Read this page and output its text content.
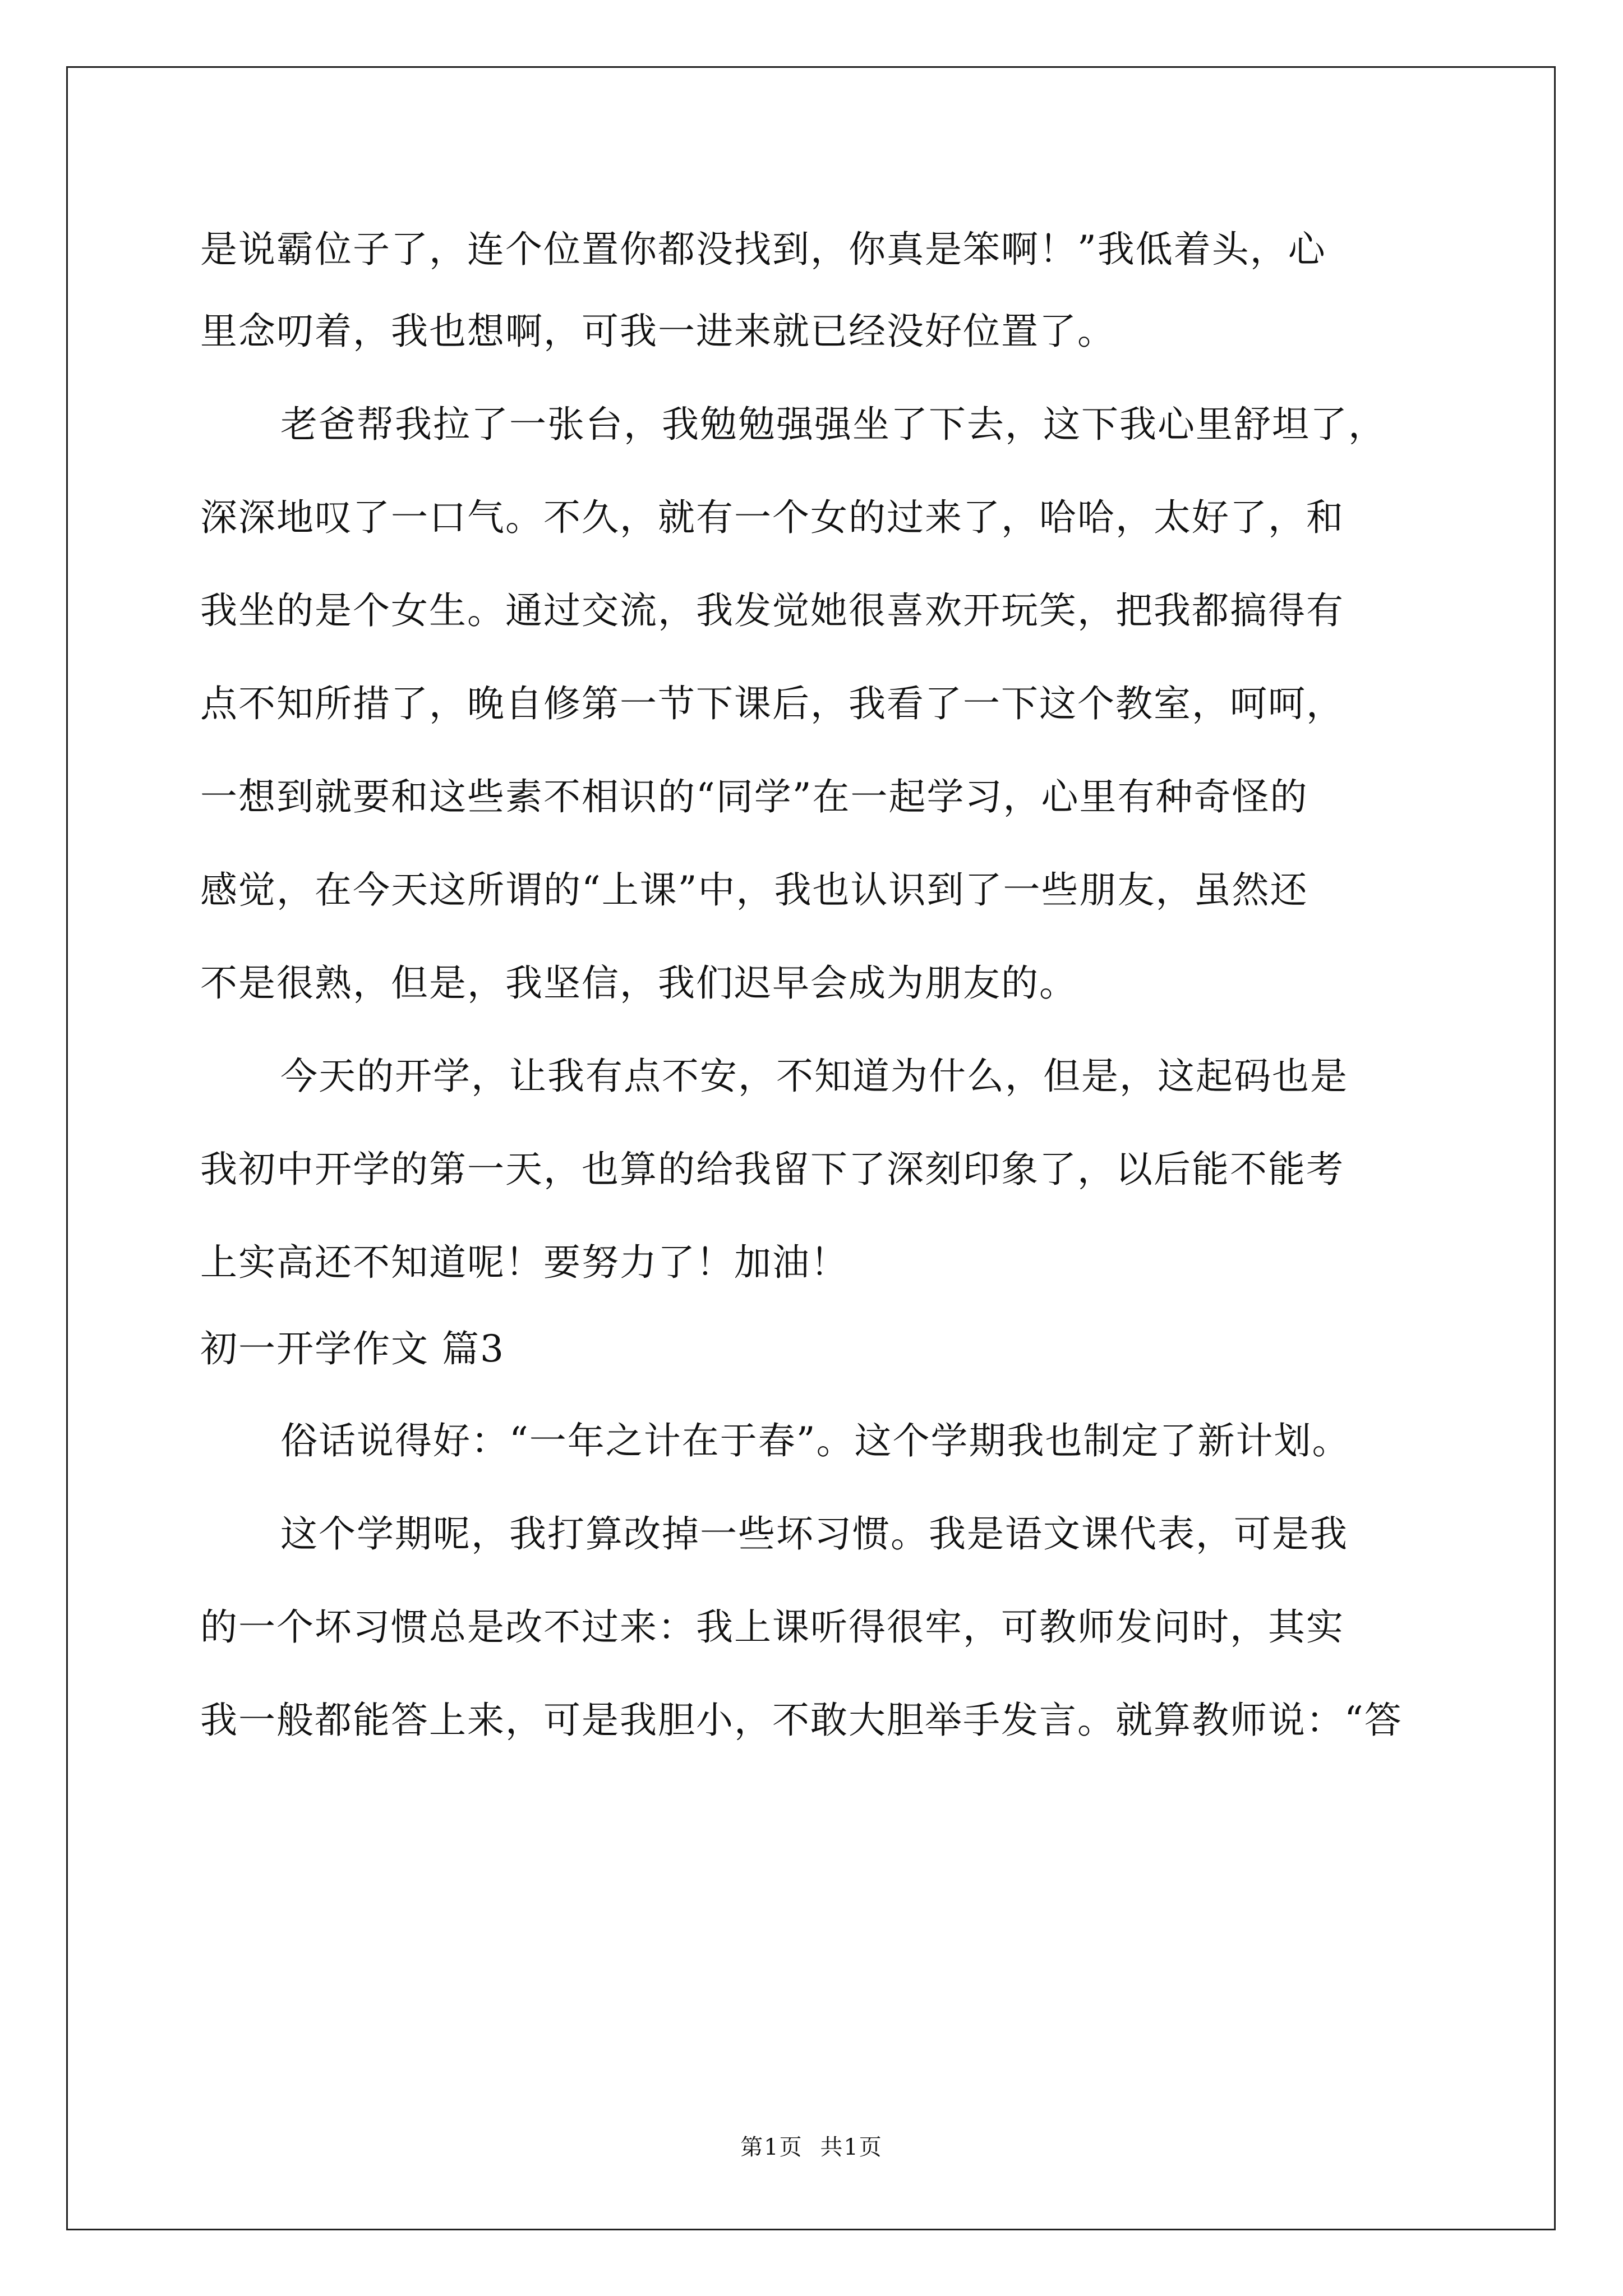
是说霸位子了，连个位置你都没找到，你真是笨啊！”我低着头，心
里念叨着，我也想啊，可我一进来就已经没好位置了。
老爸帮我拉了一张台，我勉勉强强坐了下去，这下我心里舒坦了，
深深地叹了一口气。不久，就有一个女的过来了，哈哈，太好了，和
我坐的是个女生。通过交流，我发觉她很喜欢开玩笑，把我都搞得有
点不知所措了，晚自修第一节下课后，我看了一下这个教室，呵呵，
一想到就要和这些素不相识的“同学”在一起学习，心里有种奇怪的
感觉，在今天这所谓的“上课”中，我也认识到了一些朋友，虽然还
不是很熟，但是，我坚信，我们迟早会成为朋友的。
今天的开学，让我有点不安，不知道为什么，但是，这起码也是
我初中开学的第一天，也算的给我留下了深刻印象了，以后能不能考
上实高还不知道呢！要努力了！加油！
初一开学作文 篇3
俗话说得好：“一年之计在于春”。这个学期我也制定了新计划。
这个学期呢，我打算改掉一些坏习惯。我是语文课代表，可是我
的一个坏习惯总是改不过来：我上课听得很牢，可教师发问时，其实
我一般都能答上来，可是我胆小，不敢大胆举手发言。就算教师说：“答
第1页 共1页
